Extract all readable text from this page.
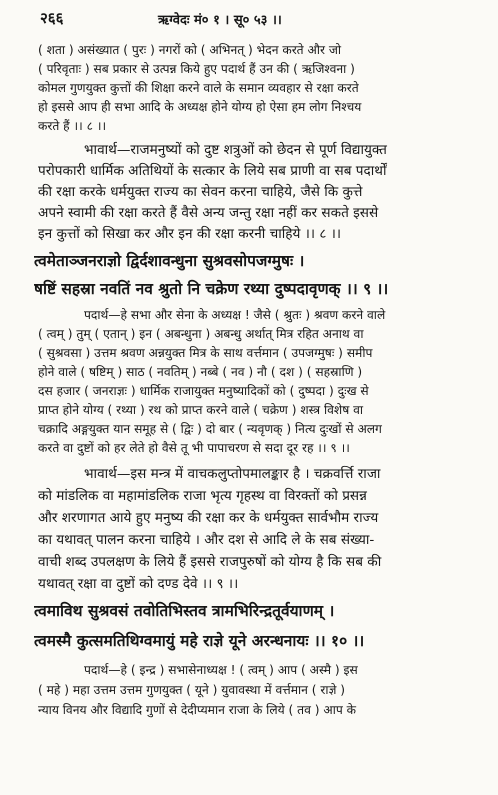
२६६	ऋग्वेदः मं० १ । सू० ५३ ।।
( शता ) असंख्यात ( पुरः ) नगरों को ( अभिनत् ) भेदन करते और जो
( परिवृताः ) सब प्रकार से उत्पन्न किये हुए पदार्थ हैं उन की ( ऋजिश्वना )
कोमल गुणयुक्त कुत्तों की शिक्षा करने वाले के समान व्यवहार से रक्षा करते
हो इससे आप ही सभा आदि के अध्यक्ष होने योग्य हो ऐसा हम लोग निश्चय
करते हैं ।। ८ ।।
भावार्थ—राजमनुष्यों को दुष्ट शत्रुओं को छेदन से पूर्ण विद्यायुक्त
परोपकारी धार्मिक अतिथियों के सत्कार के लिये सब प्राणी वा सब पदार्थों
की रक्षा करके धर्मयुक्त राज्य का सेवन करना चाहिये, जैसे कि कुत्ते
अपने स्वामी की रक्षा करते हैं वैसे अन्य जन्तु रक्षा नहीं कर सकते इससे
इन कुत्तों को सिखा कर और इन की रक्षा करनी चाहिये ।। ८ ।।
त्वमेताञ्जनराज्ञो द्विर्दशावन्धुना सुश्रवसोपजग्मुषः ।
षष्टिं सहस्रा नवतिं नव श्रुतो नि चक्रेण रथ्या दुष्पदावृणक् ।। ९ ।।
पदार्थ—हे सभा और सेना के अध्यक्ष ! जैसे ( श्रुतः ) श्रवण करने वाले
( त्वम् ) तुम् ( एतान् ) इन ( अबन्धुना ) अबन्धु अर्थात् मित्र रहित अनाथ वा
( सुश्रवसा ) उत्तम श्रवण अन्नयुक्त मित्र के साथ वर्त्तमान ( उपजग्मुषः ) समीप
होने वाले ( षष्टिम् ) साठ ( नवतिम् ) नब्बे ( नव ) नौ ( दश ) ( सहस्राणि )
दस हजार ( जनराज्ञः ) धार्मिक राजायुक्त मनुष्यादिकों को ( दुष्पदा ) दुःख से
प्राप्त होने योग्य ( रथ्या ) रथ को प्राप्त करने वाले ( चक्रेण ) शस्त्र विशेष वा
चक्रादि अङ्गयुक्त यान समूह से ( द्विः ) दो बार ( न्यवृणक् ) नित्य दुःखों से अलग
करते वा दुष्टों को हर लेते हो वैसे तू भी पापाचरण से सदा दूर रह ।। ९ ।।
भावार्थ—इस मन्त्र में वाचकलुप्तोपमालङ्कार है । चक्रवर्त्ति राजा
को मांडलिक वा महामांडलिक राजा भृत्य गृहस्थ वा विरक्तों को प्रसन्न
और शरणागत आये हुए मनुष्य की रक्षा कर के धर्मयुक्त सार्वभौम राज्य
का यथावत् पालन करना चाहिये । और दश से आदि ले के सब संख्या-
वाची शब्द उपलक्षण के लिये हैं इससे राजपुरुषों को योग्य है कि सब की
यथावत् रक्षा वा दुष्टों को दण्ड देवे ।। ९ ।।
त्वमाविथ सुश्रवसं तवोतिभिस्तव त्रामभिरिन्द्रतूर्वयाणम् ।
त्वमस्मै कुत्समतिथिग्वमायुं महे राज्ञे यूने अरन्धनायः ।। १० ।।
पदार्थ—हे ( इन्द्र ) सभासेनाध्यक्ष ! ( त्वम् ) आप ( अस्मै ) इस
( महे ) महा उत्तम उत्तम गुणयुक्त ( यूने ) युवावस्था में वर्त्तमान ( राज्ञे )
न्याय विनय और विद्यादि गुणों से देदीप्यमान राजा के लिये ( तव ) आप के
